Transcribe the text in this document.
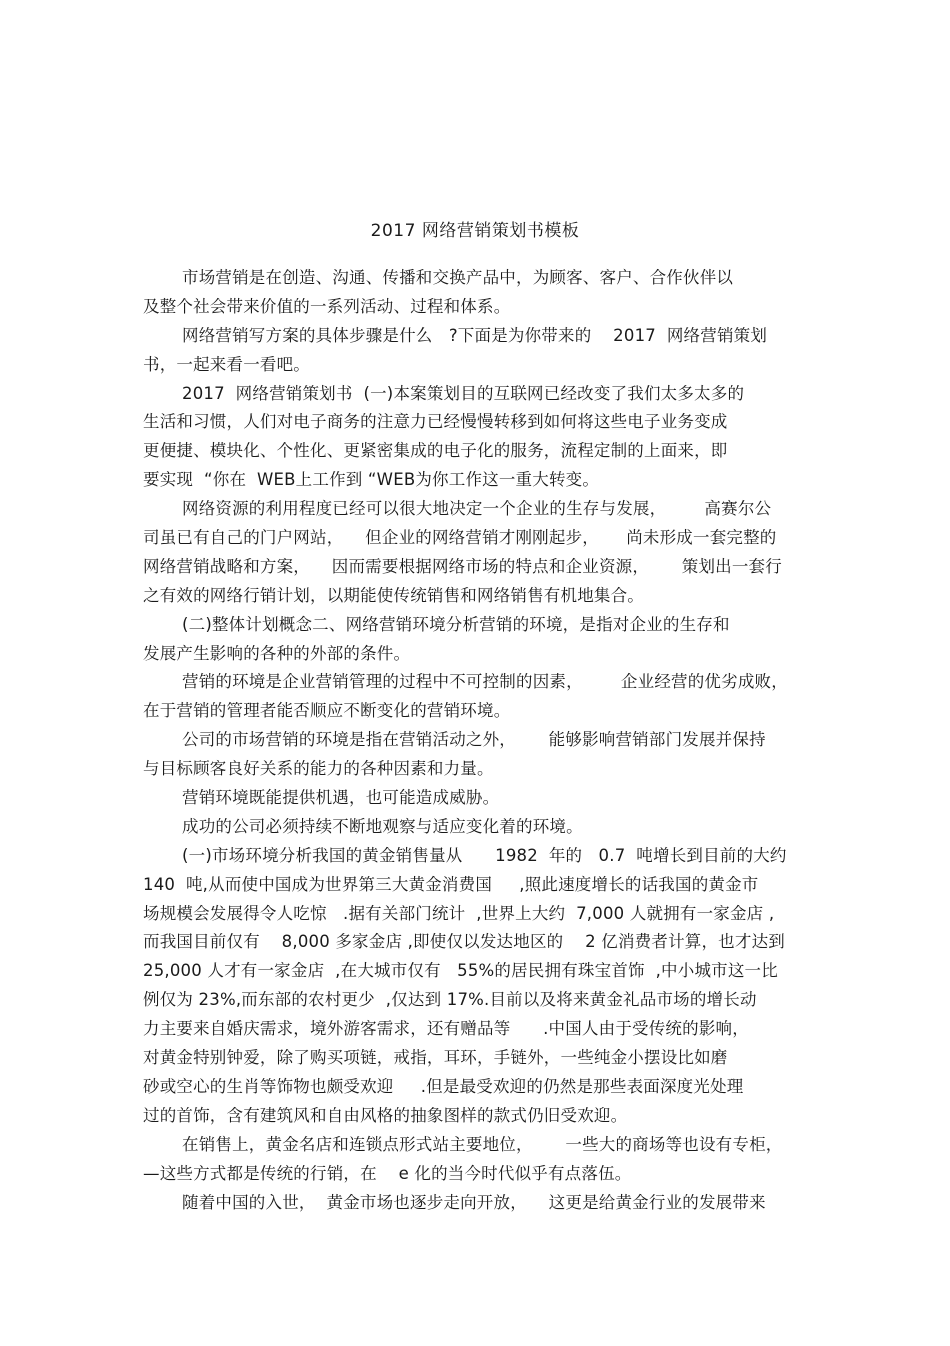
2017 网络营销策划书模板
市场营销是在创造、沟通、传播和交换产品中，为顾客、客户、合作伙伴以
及整个社会带来价值的一系列活动、过程和体系。
网络营销写方案的具体步骤是什么   ?下面是为你带来的    2017  网络营销策划
书，一起来看一看吧。
2017  网络营销策划书  (一)本案策划目的互联网已经改变了我们太多太多的
生活和习惯，人们对电子商务的注意力已经慢慢转移到如何将这些电子业务变成
更便捷、模块化、个性化、更紧密集成的电子化的服务，流程定制的上面来，即
要实现  “你在  WEB上工作到 “WEB为你工作这一重大转变。
网络资源的利用程度已经可以很大地决定一个企业的生存与发展，       高赛尔公
司虽已有自己的门户网站，    但企业的网络营销才刚刚起步，     尚未形成一套完整的
网络营销战略和方案，    因而需要根据网络市场的特点和企业资源，      策划出一套行
之有效的网络行销计划，以期能使传统销售和网络销售有机地集合。
(二)整体计划概念二、网络营销环境分析营销的环境，是指对企业的生存和
发展产生影响的各种的外部的条件。
营销的环境是企业营销管理的过程中不可控制的因素，       企业经营的优劣成败，
在于营销的管理者能否顺应不断变化的营销环境。
公司的市场营销的环境是指在营销活动之外，      能够影响营销部门发展并保持
与目标顾客良好关系的能力的各种因素和力量。
营销环境既能提供机遇，也可能造成威胁。
成功的公司必须持续不断地观察与适应变化着的环境。
(一)市场环境分析我国的黄金销售量从      1982  年的   0.7  吨增长到目前的大约
140  吨,从而使中国成为世界第三大黄金消费国     ,照此速度增长的话我国的黄金市
场规模会发展得令人吃惊   .据有关部门统计  ,世界上大约  7,000 人就拥有一家金店 ,
而我国目前仅有    8,000 多家金店 ,即使仅以发达地区的    2 亿消费者计算，也才达到
25,000 人才有一家金店  ,在大城市仅有   55%的居民拥有珠宝首饰  ,中小城市这一比
例仅为 23%,而东部的农村更少  ,仅达到 17%.目前以及将来黄金礼品市场的增长动
力主要来自婚庆需求，境外游客需求，还有赠品等      .中国人由于受传统的影响，
对黄金特别钟爱，除了购买项链，戒指，耳环，手链外，一些纯金小摆设比如磨
砂或空心的生肖等饰物也颇受欢迎     .但是最受欢迎的仍然是那些表面深度光处理
过的首饰，含有建筑风和自由风格的抽象图样的款式仍旧受欢迎。
在销售上，黄金名店和连锁点形式站主要地位，      一些大的商场等也设有专柜，
—这些方式都是传统的行销，在    e 化的当今时代似乎有点落伍。
随着中国的入世，  黄金市场也逐步走向开放，    这更是给黄金行业的发展带来
